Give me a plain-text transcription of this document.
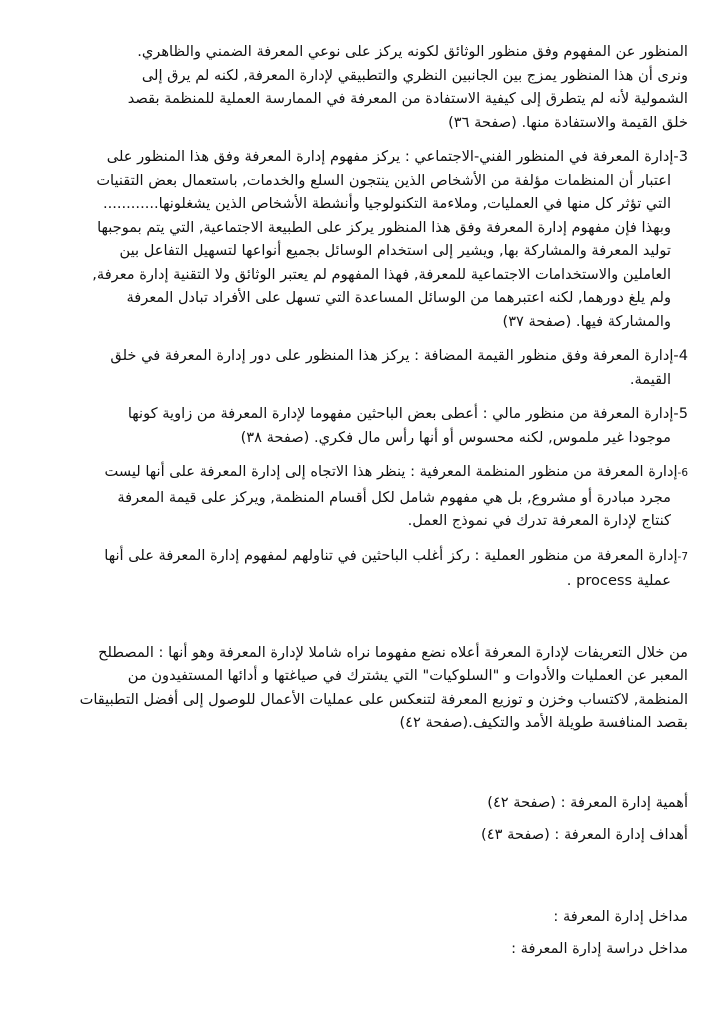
المنظور عن المفهوم وفق منظور الوثائق لكونه يركز على نوعي المعرفة الضمني والظاهري.
ونرى أن هذا المنظور يمزج بين الجانبين النظري والتطبيقي لإدارة المعرفة, لكنه لم يرق إلى
الشمولية لأنه لم يتطرق إلى كيفية الاستفادة من المعرفة في الممارسة العملية للمنظمة بقصد
خلق القيمة والاستفادة منها. (صفحة ٣٦)
3-إدارة المعرفة في المنظور الفني-الاجتماعي : يركز مفهوم إدارة المعرفة وفق هذا المنظور على
اعتبار أن المنظمات مؤلفة من الأشخاص الذين ينتجون السلع والخدمات, باستعمال بعض التقنيات
التي تؤثر كل منها في العمليات, وملاءمة التكنولوجيا وأنشطة الأشخاص الذين يشغلونها............
وبهذا فإن مفهوم إدارة المعرفة وفق هذا المنظور يركز على الطبيعة الاجتماعية, التي يتم بموجبها
توليد المعرفة والمشاركة بها, ويشير إلى استخدام الوسائل بجميع أنواعها لتسهيل التفاعل بين
العاملين والاستخدامات الاجتماعية للمعرفة, فهذا المفهوم لم يعتبر الوثائق ولا التقنية إدارة معرفة,
ولم يلغ دورهما, لكنه اعتبرهما من الوسائل المساعدة التي تسهل على الأفراد تبادل المعرفة
والمشاركة فيها. (صفحة ٣٧)
4-إدارة المعرفة وفق منظور القيمة المضافة : يركز هذا المنظور على دور إدارة المعرفة في خلق
القيمة.
5-إدارة المعرفة من منظور مالي : أعطى بعض الباحثين مفهوما لإدارة المعرفة من زاوية كونها
موجودا غير ملموس, لكنه محسوس أو أنها رأس مال فكري. (صفحة ٣٨)
6-إدارة المعرفة من منظور المنظمة المعرفية : ينظر هذا الاتجاه إلى إدارة المعرفة على أنها ليست
مجرد مبادرة أو مشروع, بل هي مفهوم شامل لكل أقسام المنظمة, ويركز على قيمة المعرفة
كنتاج لإدارة المعرفة تدرك في نموذج العمل.
7-إدارة المعرفة من منظور العملية : ركز أغلب الباحثين في تناولهم لمفهوم إدارة المعرفة على أنها
عملية process .
من خلال التعريفات لإدارة المعرفة أعلاه نضع مفهوما نراه شاملا لإدارة المعرفة وهو أنها : المصطلح
المعبر عن العمليات والأدوات و "السلوكيات" التي يشترك في صياغتها و أدائها المستفيدون من
المنظمة, لاكتساب وخزن و توزيع المعرفة لتنعكس على عمليات الأعمال للوصول إلى أفضل التطبيقات
بقصد المنافسة طويلة الأمد والتكيف.(صفحة ٤٢)
أهمية إدارة المعرفة : (صفحة ٤٢)
أهداف إدارة المعرفة : (صفحة ٤٣)
مداخل إدارة المعرفة :
مداخل دراسة إدارة المعرفة :
